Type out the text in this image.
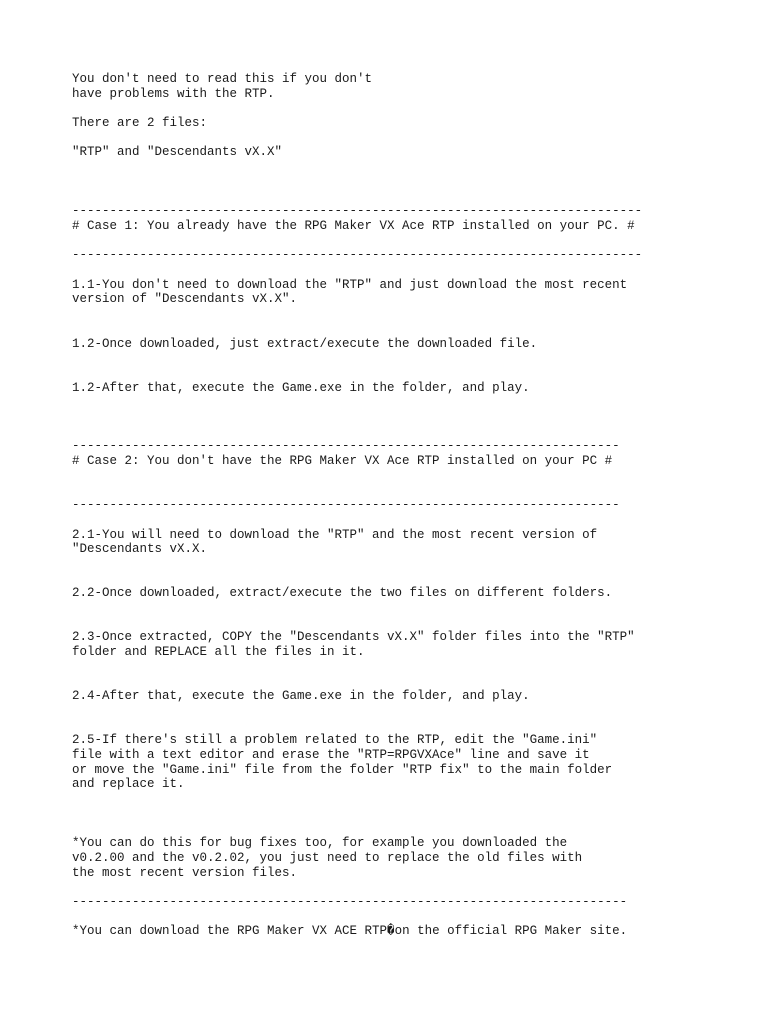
You don't need to read this if you don't
have problems with the RTP.
There are 2 files:
"RTP" and "Descendants vX.X"
----------------------------------------------------------------------------
# Case 1: You already have the RPG Maker VX Ace RTP installed on your PC. #
----------------------------------------------------------------------------
1.1-You don't need to download the "RTP" and just download the most recent
version of "Descendants vX.X".
1.2-Once downloaded, just extract/execute the downloaded file.
1.2-After that, execute the Game.exe in the folder, and play.
-------------------------------------------------------------------------
# Case 2: You don't have the RPG Maker VX Ace RTP installed on your PC #
-------------------------------------------------------------------------
2.1-You will need to download the "RTP" and the most recent version of
"Descendants vX.X.
2.2-Once downloaded, extract/execute the two files on different folders.
2.3-Once extracted, COPY the "Descendants vX.X" folder files into the "RTP"
folder and REPLACE all the files in it.
2.4-After that, execute the Game.exe in the folder, and play.
2.5-If there's still a problem related to the RTP, edit the "Game.ini"
file with a text editor and erase the "RTP=RPGVXAce" line and save it
or move the "Game.ini" file from the folder "RTP fix" to the main folder
and replace it.
*You can do this for bug fixes too, for example you downloaded the
v0.2.00 and the v0.2.02, you just need to replace the old files with
the most recent version files.
--------------------------------------------------------------------------
*You can download the RPG Maker VX ACE RTP�on the official RPG Maker site.
